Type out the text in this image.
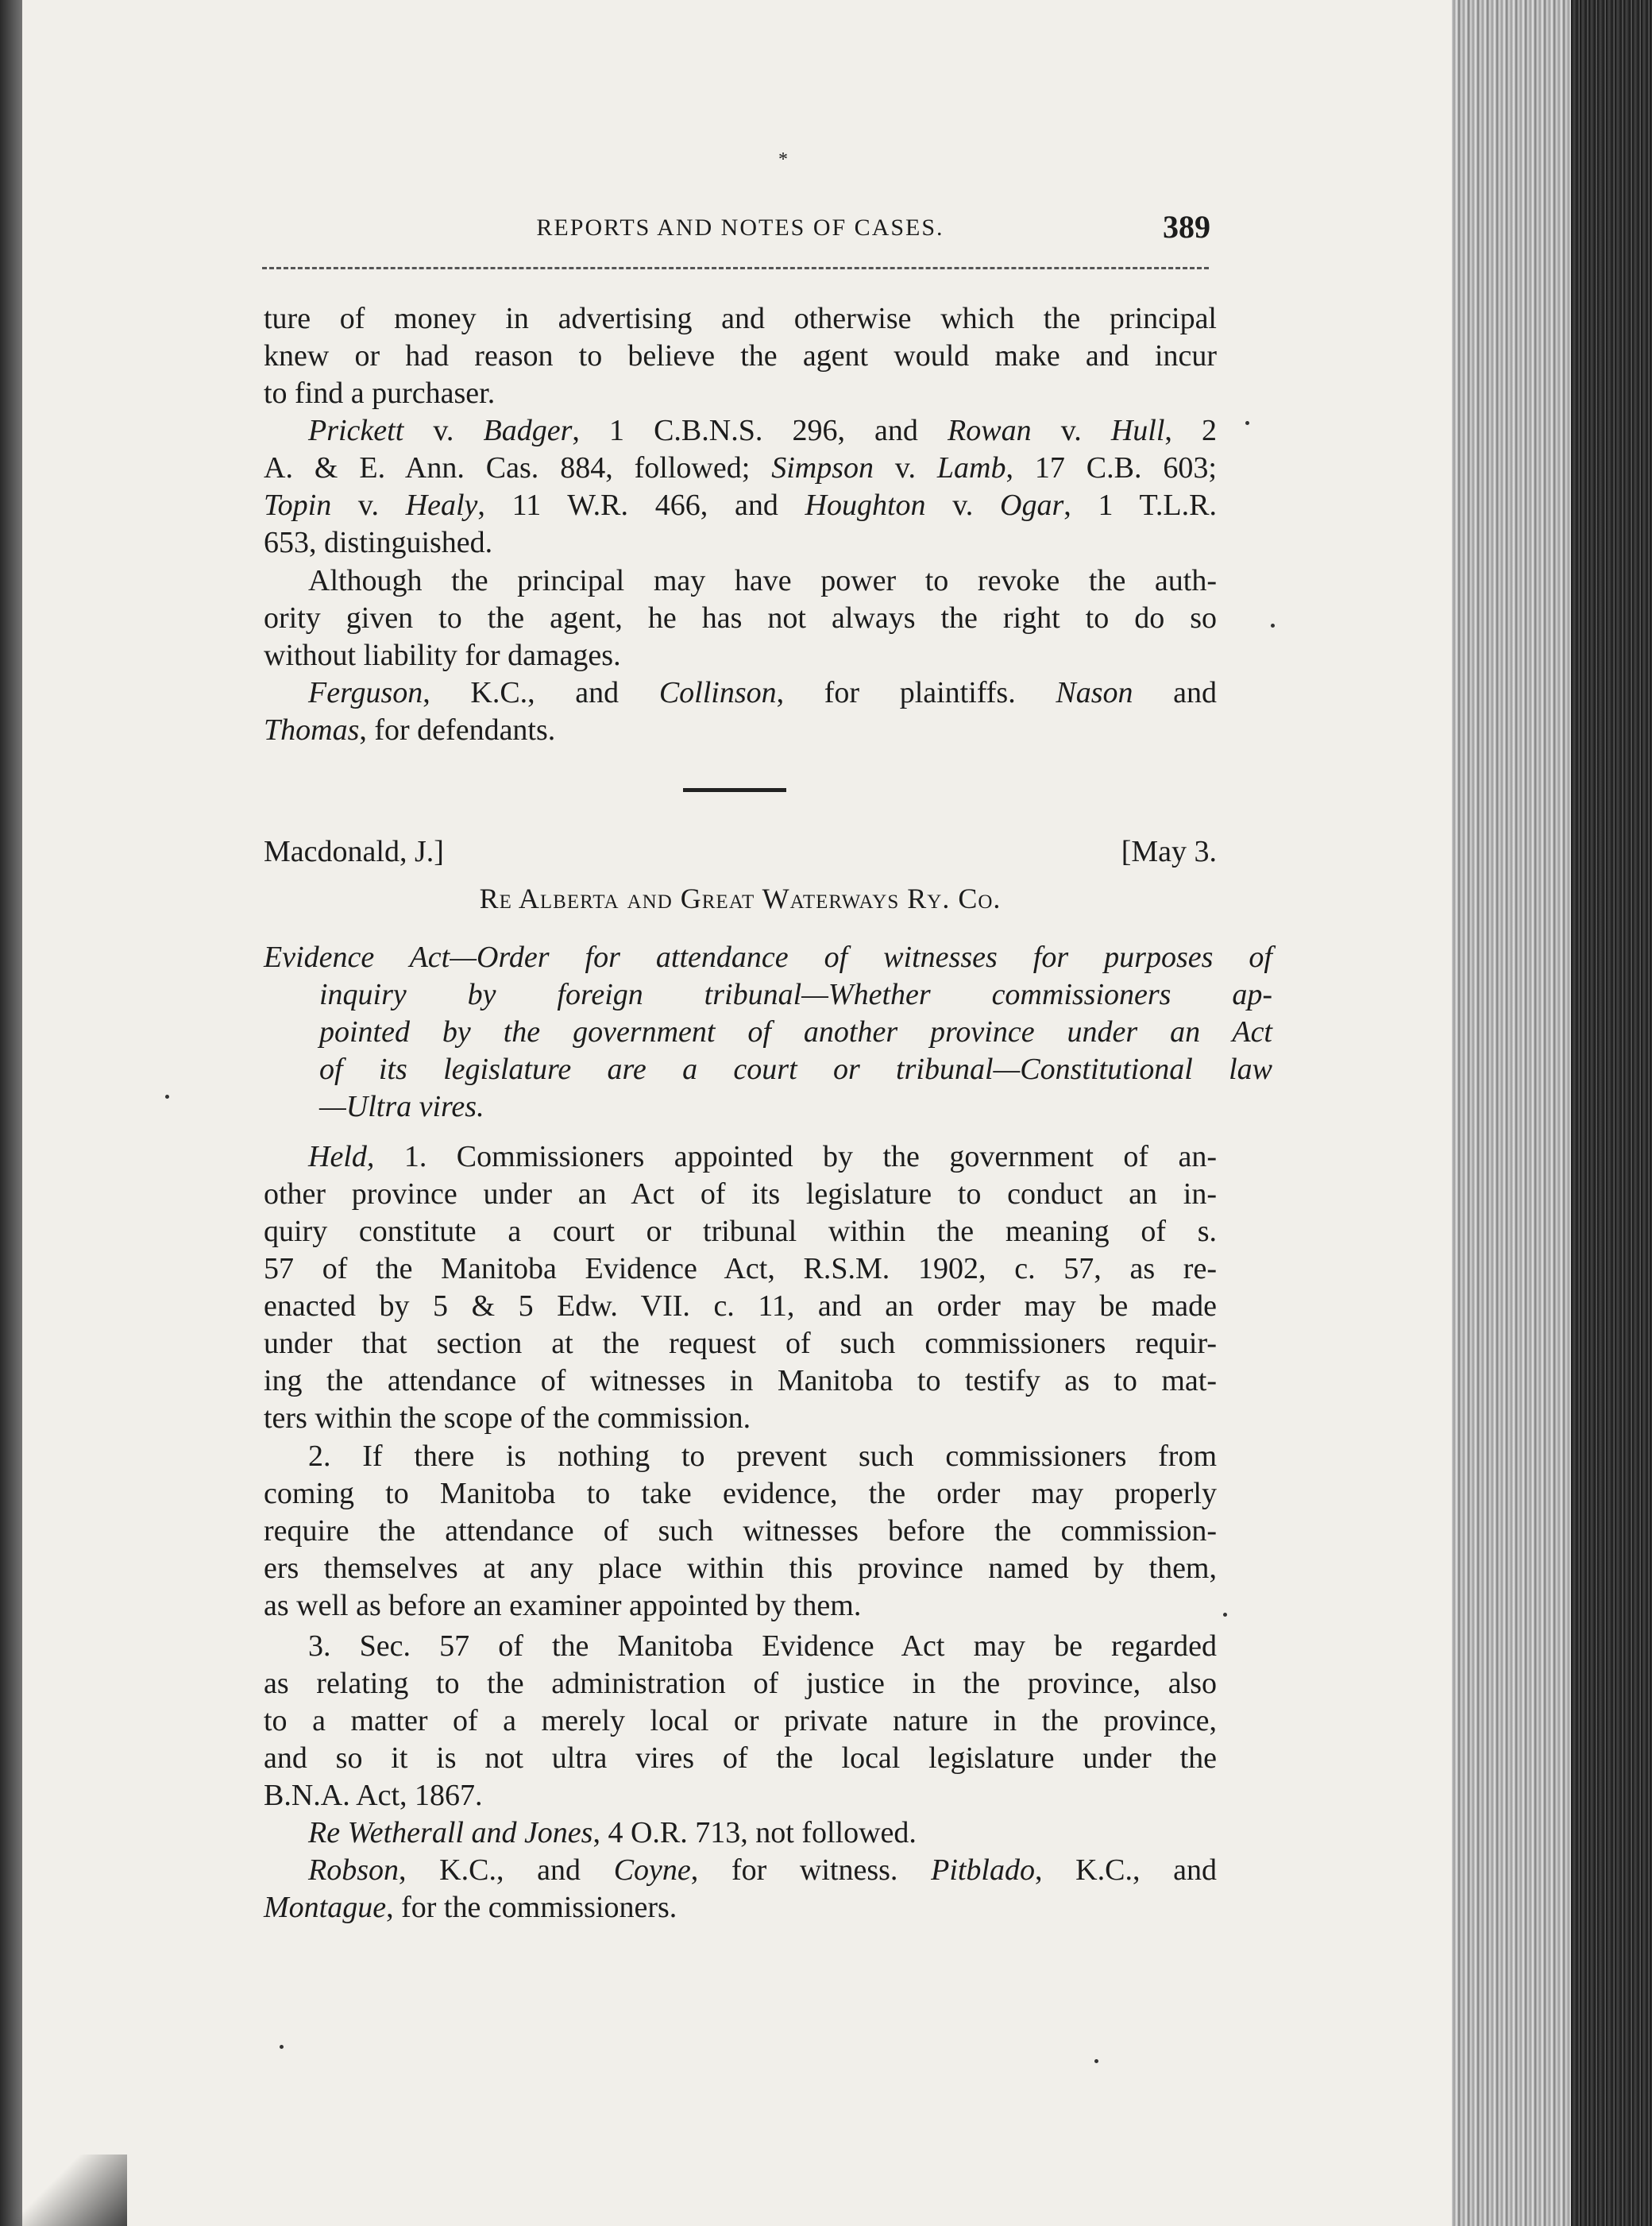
*
REPORTS AND NOTES OF CASES.	389
ture of money in advertising and otherwise which the principal
knew or had reason to believe the agent would make and incur
to find a purchaser.
Prickett v. Badger, 1 C.B.N.S. 296, and Rowan v. Hull, 2
A. & E. Ann. Cas. 884, followed; Simpson v. Lamb, 17 C.B. 603;
Topin v. Healy, 11 W.R. 466, and Houghton v. Ogar, 1 T.L.R.
653, distinguished.
Although the principal may have power to revoke the auth-
ority given to the agent, he has not always the right to do so
without liability for damages.
Ferguson, K.C., and Collinson, for plaintiffs. Nason and
Thomas, for defendants.
Macdonald, J.]	[May 3.
Re Alberta and Great Waterways Ry. Co.
Evidence Act—Order for attendance of witnesses for purposes of
inquiry by foreign tribunal—Whether commissioners ap-
pointed by the government of another province under an Act
of its legislature are a court or tribunal—Constitutional law
—Ultra vires.
Held, 1. Commissioners appointed by the government of an-
other province under an Act of its legislature to conduct an in-
quiry constitute a court or tribunal within the meaning of s.
57 of the Manitoba Evidence Act, R.S.M. 1902, c. 57, as re-
enacted by 5 & 5 Edw. VII. c. 11, and an order may be made
under that section at the request of such commissioners requir-
ing the attendance of witnesses in Manitoba to testify as to mat-
ters within the scope of the commission.
2. If there is nothing to prevent such commissioners from
coming to Manitoba to take evidence, the order may properly
require the attendance of such witnesses before the commission-
ers themselves at any place within this province named by them,
as well as before an examiner appointed by them.
3. Sec. 57 of the Manitoba Evidence Act may be regarded
as relating to the administration of justice in the province, also
to a matter of a merely local or private nature in the province,
and so it is not ultra vires of the local legislature under the
B.N.A. Act, 1867.
Re Wetherall and Jones, 4 O.R. 713, not followed.
Robson, K.C., and Coyne, for witness. Pitblado, K.C., and
Montague, for the commissioners.
